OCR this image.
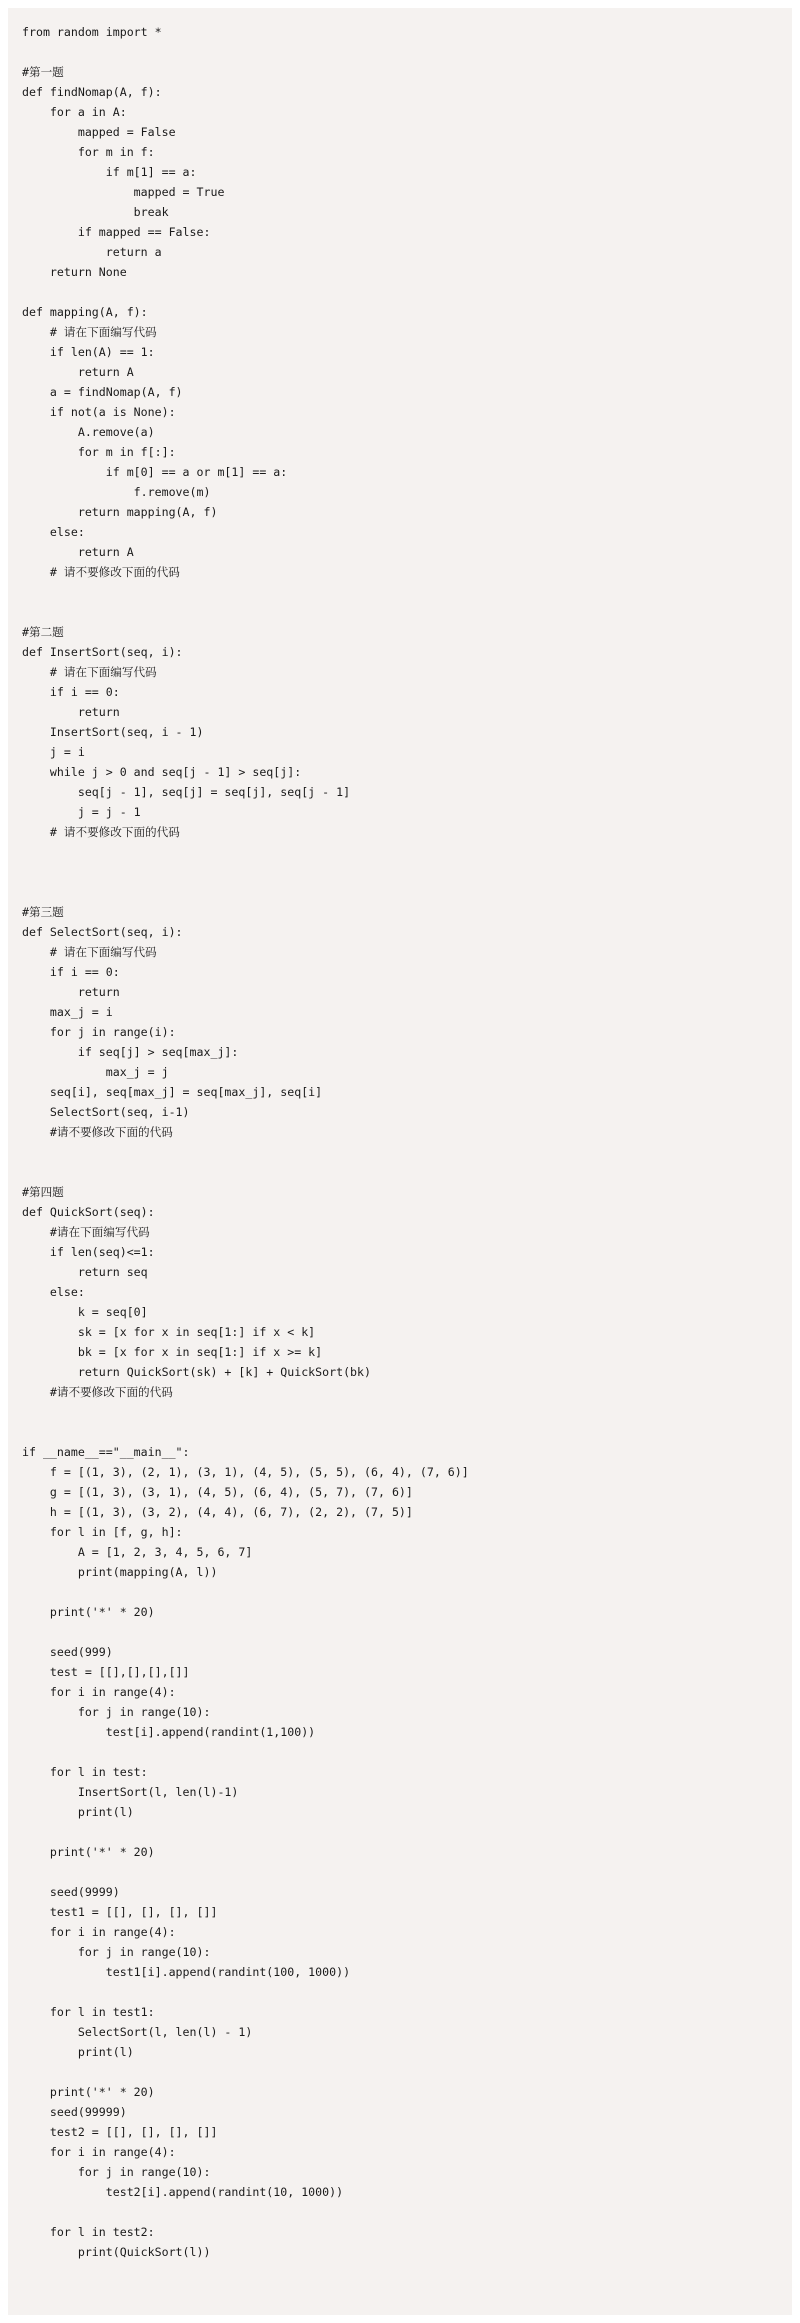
from random import *
#第一题
def findNomap(A, f):
for a in A:
mapped = False
for m in f:
if m[1] == a:
mapped = True
break
if mapped == False:
return a
return None
def mapping(A, f):
# 请在下面编写代码
if len(A) == 1:
return A
a = findNomap(A, f)
if not(a is None):
A.remove(a)
for m in f[:]:
if m[0] == a or m[1] == a:
f.remove(m)
return mapping(A, f)
else:
return A
# 请不要修改下面的代码
#第二题
def InsertSort(seq, i):
# 请在下面编写代码
if i == 0:
return
InsertSort(seq, i - 1)
j = i
while j > 0 and seq[j - 1] > seq[j]:
seq[j - 1], seq[j] = seq[j], seq[j - 1]
j = j - 1
# 请不要修改下面的代码
#第三题
def SelectSort(seq, i):
# 请在下面编写代码
if i == 0:
return
max_j = i
for j in range(i):
if seq[j] > seq[max_j]:
max_j = j
seq[i], seq[max_j] = seq[max_j], seq[i]
SelectSort(seq, i-1)
#请不要修改下面的代码
#第四题
def QuickSort(seq):
#请在下面编写代码
if len(seq)<=1:
return seq
else:
k = seq[0]
sk = [x for x in seq[1:] if x < k]
bk = [x for x in seq[1:] if x >= k]
return QuickSort(sk) + [k] + QuickSort(bk)
#请不要修改下面的代码
if __name__=="__main__":
f = [(1, 3), (2, 1), (3, 1), (4, 5), (5, 5), (6, 4), (7, 6)]
g = [(1, 3), (3, 1), (4, 5), (6, 4), (5, 7), (7, 6)]
h = [(1, 3), (3, 2), (4, 4), (6, 7), (2, 2), (7, 5)]
for l in [f, g, h]:
A = [1, 2, 3, 4, 5, 6, 7]
print(mapping(A, l))
print('*' * 20)
seed(999)
test = [[],[],[],[]]
for i in range(4):
for j in range(10):
test[i].append(randint(1,100))
for l in test:
InsertSort(l, len(l)-1)
print(l)
print('*' * 20)
seed(9999)
test1 = [[], [], [], []]
for i in range(4):
for j in range(10):
test1[i].append(randint(100, 1000))
for l in test1:
SelectSort(l, len(l) - 1)
print(l)
print('*' * 20)
seed(99999)
test2 = [[], [], [], []]
for i in range(4):
for j in range(10):
test2[i].append(randint(10, 1000))
for l in test2:
print(QuickSort(l))
